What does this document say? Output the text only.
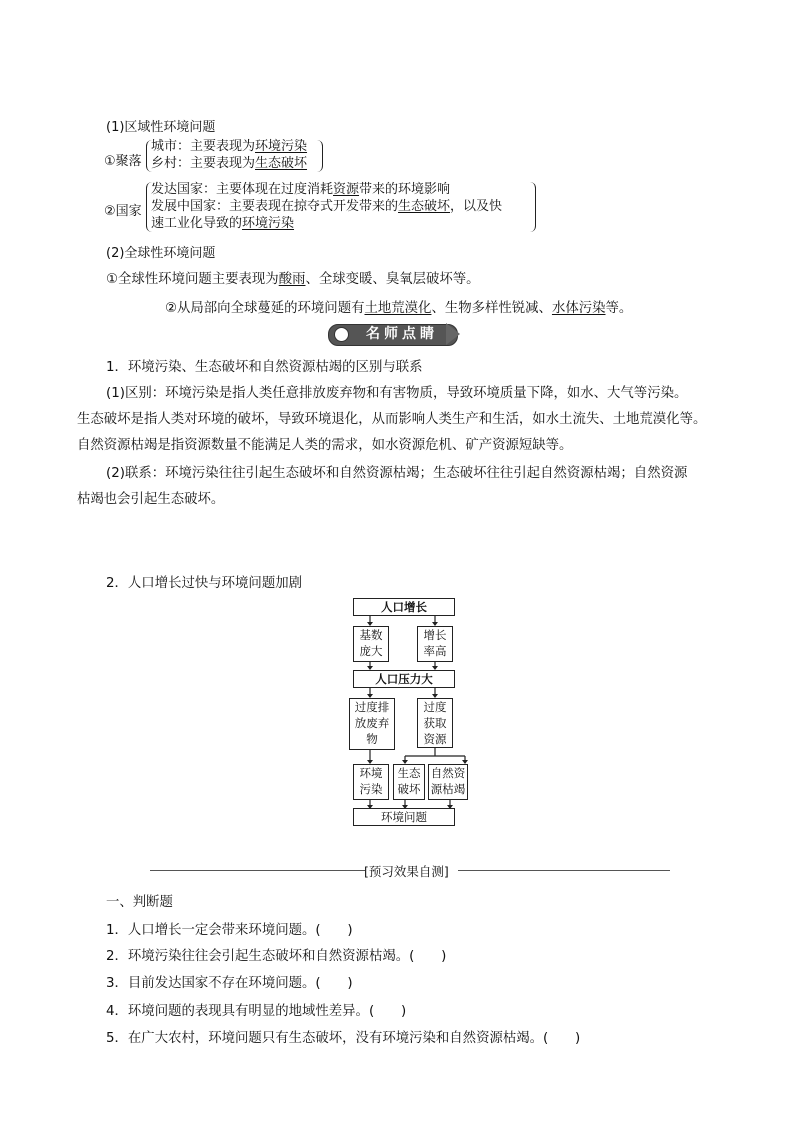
(1)区域性环境问题
①聚落
城市：主要表现为环境污染
乡村：主要表现为生态破坏
②国家
发达国家：主要体现在过度消耗资源带来的环境影响
发展中国家：主要表现在掠夺式开发带来的生态破坏，以及快
速工业化导致的环境污染
(2)全球性环境问题
①全球性环境问题主要表现为酸雨、全球变暖、臭氧层破坏等。
②从局部向全球蔓延的环境问题有土地荒漠化、生物多样性锐减、水体污染等。
名师点睛
1．环境污染、生态破坏和自然资源枯竭的区别与联系
(1)区别：环境污染是指人类任意排放废弃物和有害物质，导致环境质量下降，如水、大气等污染。
生态破坏是指人类对环境的破坏，导致环境退化，从而影响人类生产和生活，如水土流失、土地荒漠化等。
自然资源枯竭是指资源数量不能满足人类的需求，如水资源危机、矿产资源短缺等。
(2)联系：环境污染往往引起生态破坏和自然资源枯竭；生态破坏往往引起自然资源枯竭；自然资源
枯竭也会引起生态破坏。
2．人口增长过快与环境问题加剧
人口增长
基数
庞大
增长
率高
人口压力大
过度排
放废弃
物
过度
获取
资源
环境
污染
生态
破坏
自然资
源枯竭
环境问题
[预习效果自测]
一、判断题
1．人口增长一定会带来环境问题。(　　)
2．环境污染往往会引起生态破坏和自然资源枯竭。(　　)
3．目前发达国家不存在环境问题。(　　)
4．环境问题的表现具有明显的地域性差异。(　　)
5．在广大农村，环境问题只有生态破坏，没有环境污染和自然资源枯竭。(　　)
